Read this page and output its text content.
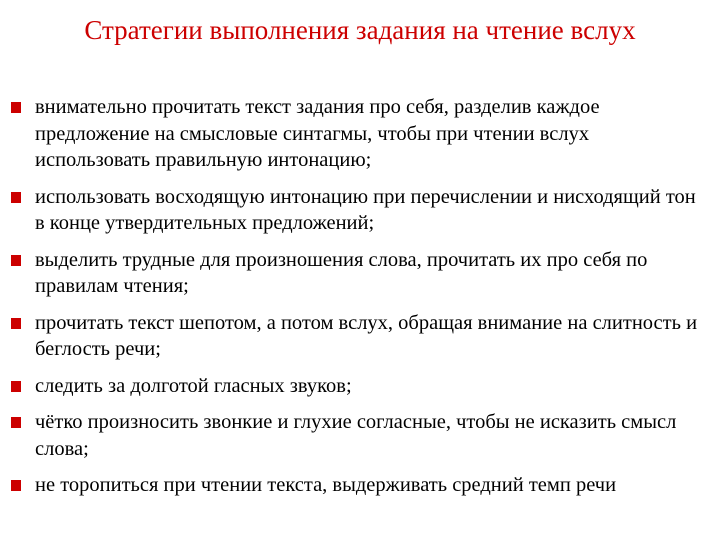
Стратегии выполнения задания на чтение вслух
внимательно прочитать текст задания про себя, разделив каждое предложение на смысловые синтагмы, чтобы при чтении вслух использовать правильную интонацию;
использовать восходящую интонацию при перечислении и нисходящий тон в конце утвердительных предложений;
выделить трудные для произношения слова, прочитать их про себя по правилам чтения;
прочитать текст шепотом, а потом вслух, обращая внимание на слитность и беглость речи;
следить за долготой гласных звуков;
чётко произносить звонкие и глухие согласные, чтобы не исказить смысл слова;
не торопиться при чтении текста, выдерживать средний темп речи
